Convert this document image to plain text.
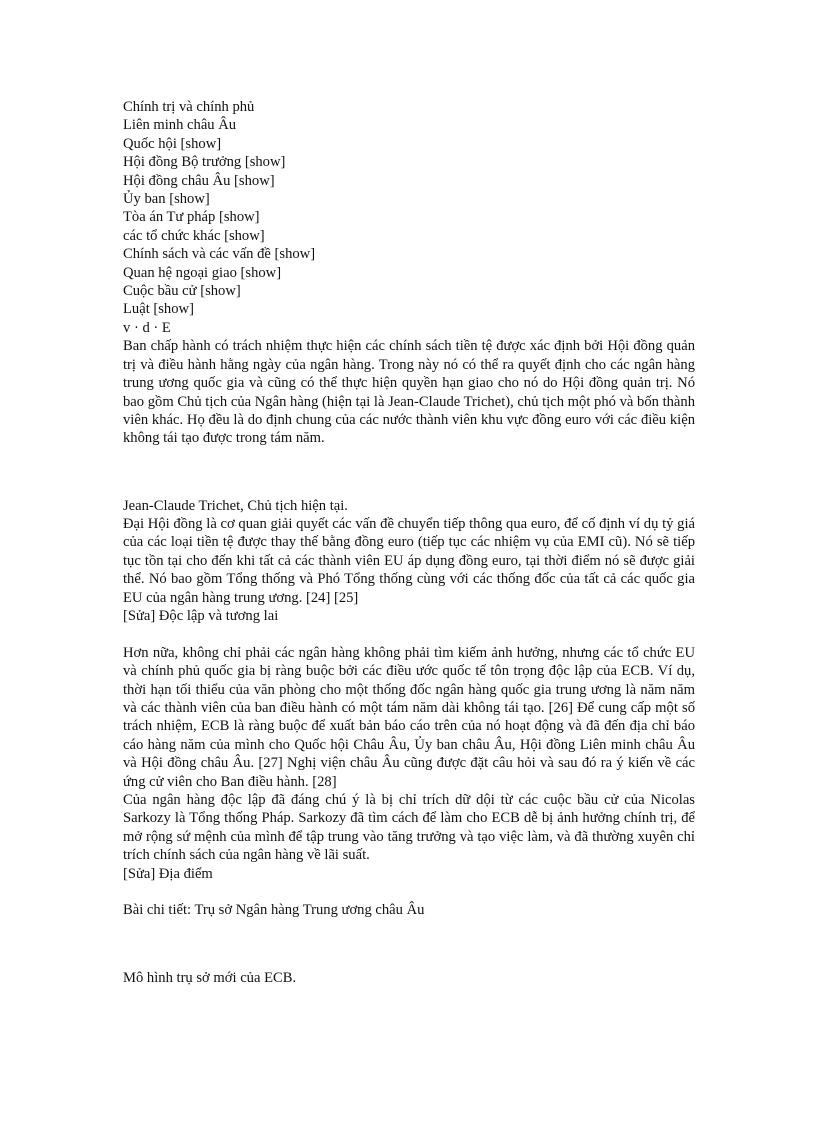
Chính trị và chính phủ
Liên minh châu Âu
Quốc hội [show]
Hội đồng Bộ trưởng [show]
Hội đồng châu Âu [show]
Ủy ban [show]
Tòa án Tư pháp [show]
các tổ chức khác [show]
Chính sách và các vấn đề [show]
Quan hệ ngoại giao [show]
Cuộc bầu cử [show]
Luật [show]
v · d · E

Ban chấp hành có trách nhiệm thực hiện các chính sách tiền tệ được xác định bởi Hội đồng quản trị và điều hành hằng ngày của ngân hàng. Trong này nó có thể ra quyết định cho các ngân hàng trung ương quốc gia và cũng có thể thực hiện quyền hạn giao cho nó do Hội đồng quản trị. Nó bao gồm Chủ tịch của Ngân hàng (hiện tại là Jean-Claude Trichet), chủ tịch một phó và bốn thành viên khác. Họ đều là do định chung của các nước thành viên khu vực đồng euro với các điều kiện không tái tạo được trong tám năm.

Jean-Claude Trichet, Chủ tịch hiện tại.

Đại Hội đồng là cơ quan giải quyết các vấn đề chuyển tiếp thông qua euro, để cố định ví dụ tỷ giá của các loại tiền tệ được thay thế bằng đồng euro (tiếp tục các nhiệm vụ của EMI cũ). Nó sẽ tiếp tục tồn tại cho đến khi tất cả các thành viên EU áp dụng đồng euro, tại thời điểm nó sẽ được giải thể. Nó bao gồm Tổng thống và Phó Tổng thống cùng với các thống đốc của tất cả các quốc gia EU của ngân hàng trung ương. [24] [25]

[Sửa] Độc lập và tương lai

Hơn nữa, không chỉ phải các ngân hàng không phải tìm kiếm ảnh hưởng, nhưng các tổ chức EU và chính phủ quốc gia bị ràng buộc bởi các điều ước quốc tế tôn trọng độc lập của ECB. Ví dụ, thời hạn tối thiểu của văn phòng cho một thống đốc ngân hàng quốc gia trung ương là năm năm và các thành viên của ban điều hành có một tám năm dài không tái tạo. [26] Để cung cấp một số trách nhiệm, ECB là ràng buộc để xuất bản báo cáo trên của nó hoạt động và đã đến địa chỉ báo cáo hàng năm của mình cho Quốc hội Châu Âu, Ủy ban châu Âu, Hội đồng Liên minh châu Âu và Hội đồng châu Âu. [27] Nghị viện châu Âu cũng được đặt câu hỏi và sau đó ra ý kiến về các ứng cử viên cho Ban điều hành. [28]

Của ngân hàng độc lập đã đáng chú ý là bị chỉ trích dữ dội từ các cuộc bầu cử của Nicolas Sarkozy là Tổng thống Pháp. Sarkozy đã tìm cách để làm cho ECB dễ bị ảnh hưởng chính trị, để mở rộng sứ mệnh của mình để tập trung vào tăng trưởng và tạo việc làm, và đã thường xuyên chỉ trích chính sách của ngân hàng về lãi suất.

[Sửa] Địa điểm
Bài chi tiết: Trụ sở Ngân hàng Trung ương châu Âu
Mô hình trụ sở mới của ECB.
